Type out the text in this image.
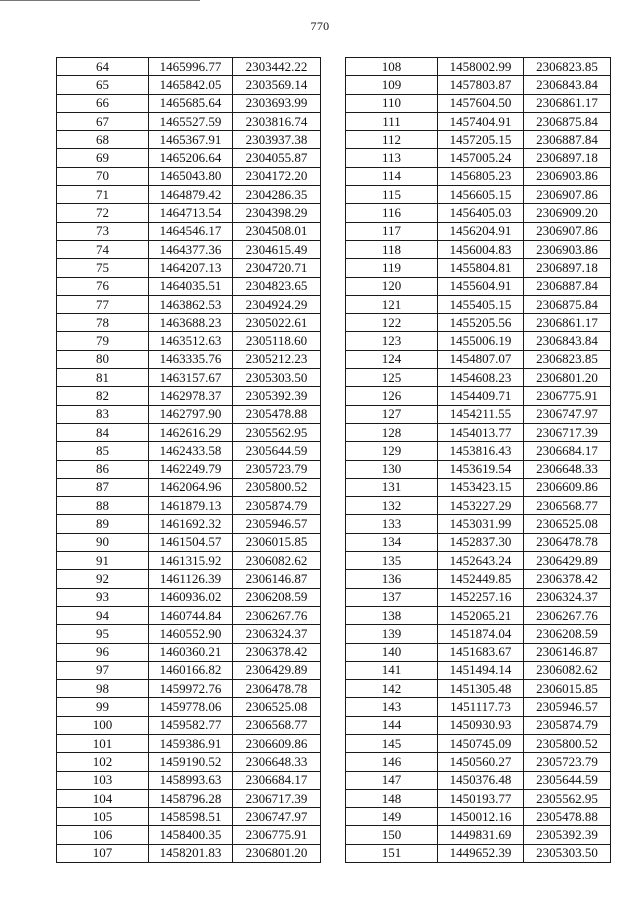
770
64	1465996.77	2303442.22
65	1465842.05	2303569.14
66	1465685.64	2303693.99
67	1465527.59	2303816.74
68	1465367.91	2303937.38
69	1465206.64	2304055.87
70	1465043.80	2304172.20
71	1464879.42	2304286.35
72	1464713.54	2304398.29
73	1464546.17	2304508.01
74	1464377.36	2304615.49
75	1464207.13	2304720.71
76	1464035.51	2304823.65
77	1463862.53	2304924.29
78	1463688.23	2305022.61
79	1463512.63	2305118.60
80	1463335.76	2305212.23
81	1463157.67	2305303.50
82	1462978.37	2305392.39
83	1462797.90	2305478.88
84	1462616.29	2305562.95
85	1462433.58	2305644.59
86	1462249.79	2305723.79
87	1462064.96	2305800.52
88	1461879.13	2305874.79
89	1461692.32	2305946.57
90	1461504.57	2306015.85
91	1461315.92	2306082.62
92	1461126.39	2306146.87
93	1460936.02	2306208.59
94	1460744.84	2306267.76
95	1460552.90	2306324.37
96	1460360.21	2306378.42
97	1460166.82	2306429.89
98	1459972.76	2306478.78
99	1459778.06	2306525.08
100	1459582.77	2306568.77
101	1459386.91	2306609.86
102	1459190.52	2306648.33
103	1458993.63	2306684.17
104	1458796.28	2306717.39
105	1458598.51	2306747.97
106	1458400.35	2306775.91
107	1458201.83	2306801.20
108	1458002.99	2306823.85
109	1457803.87	2306843.84
110	1457604.50	2306861.17
111	1457404.91	2306875.84
112	1457205.15	2306887.84
113	1457005.24	2306897.18
114	1456805.23	2306903.86
115	1456605.15	2306907.86
116	1456405.03	2306909.20
117	1456204.91	2306907.86
118	1456004.83	2306903.86
119	1455804.81	2306897.18
120	1455604.91	2306887.84
121	1455405.15	2306875.84
122	1455205.56	2306861.17
123	1455006.19	2306843.84
124	1454807.07	2306823.85
125	1454608.23	2306801.20
126	1454409.71	2306775.91
127	1454211.55	2306747.97
128	1454013.77	2306717.39
129	1453816.43	2306684.17
130	1453619.54	2306648.33
131	1453423.15	2306609.86
132	1453227.29	2306568.77
133	1453031.99	2306525.08
134	1452837.30	2306478.78
135	1452643.24	2306429.89
136	1452449.85	2306378.42
137	1452257.16	2306324.37
138	1452065.21	2306267.76
139	1451874.04	2306208.59
140	1451683.67	2306146.87
141	1451494.14	2306082.62
142	1451305.48	2306015.85
143	1451117.73	2305946.57
144	1450930.93	2305874.79
145	1450745.09	2305800.52
146	1450560.27	2305723.79
147	1450376.48	2305644.59
148	1450193.77	2305562.95
149	1450012.16	2305478.88
150	1449831.69	2305392.39
151	1449652.39	2305303.50
